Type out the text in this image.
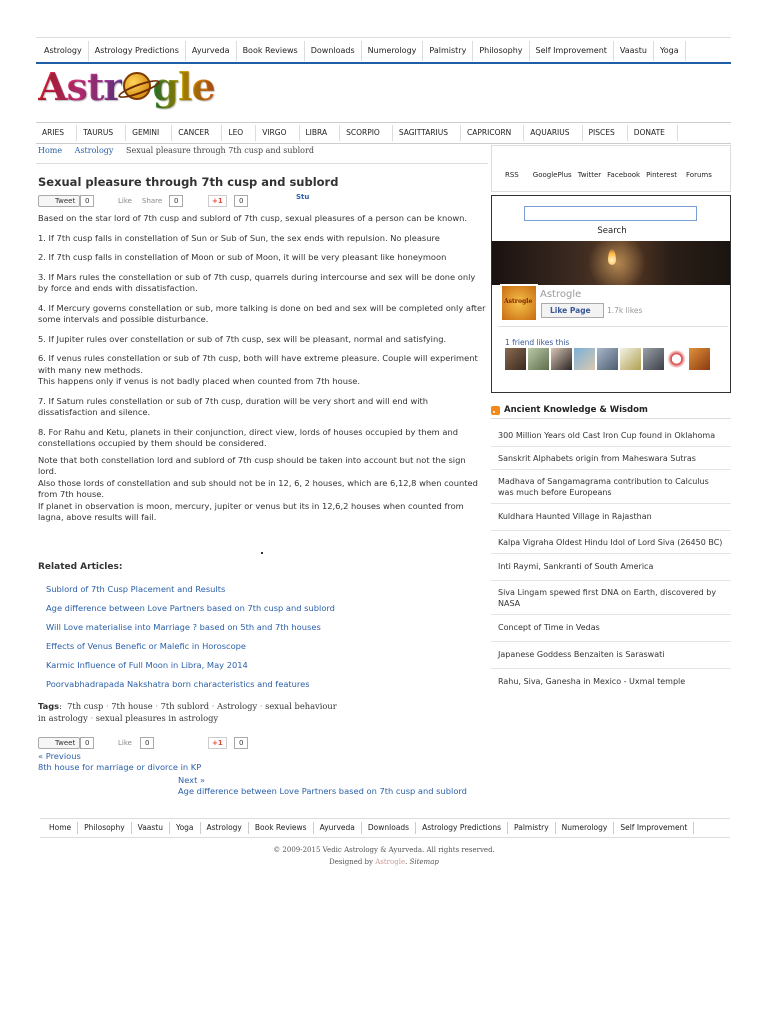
Astrology	Astrology Predictions	Ayurveda	Book Reviews	Downloads	Numerology	Palmistry	Philosophy	Self Improvement	Vaastu	Yoga
Astr gle
ARIES	TAURUS	GEMINI	CANCER	LEO	VIRGO	LIBRA	SCORPIO	SAGITTARIUS	CAPRICORN	AQUARIUS	PISCES	DONATE
Home Astrology Sexual pleasure through 7th cusp and sublord
Sexual pleasure through 7th cusp and sublord
Tweet	0	Like Share	0	+1	0	Stu

Based on the star lord of 7th cusp and sublord of 7th cusp, sexual pleasures of a person can be known.

1. If 7th cusp falls in constellation of Sun or Sub of Sun, the sex ends with repulsion. No pleasure

2. If 7th cusp falls in constellation of Moon or sub of Moon, it will be very pleasant like honeymoon

3. If Mars rules the constellation or sub of 7th cusp, quarrels during intercourse and sex will be done only by force and ends with dissatisfaction.

4. If Mercury governs constellation or sub, more talking is done on bed and sex will be completed only after some intervals and possible disturbance.

5. If Jupiter rules over constellation or sub of 7th cusp, sex will be pleasant, normal and satisfying.

6. If venus rules constellation or sub of 7th cusp, both will have extreme pleasure. Couple will experiment with many new methods.

This happens only if venus is not badly placed when counted from 7th house.

7. If Saturn rules constellation or sub of 7th cusp, duration will be very short and will end with dissatisfaction and silence.

8. For Rahu and Ketu, planets in their conjunction, direct view, lords of houses occupied by them and constellations occupied by them should be considered.

Note that both constellation lord and sublord of 7th cusp should be taken into account but not the sign lord.

Also those lords of constellation and sub should not be in 12, 6, 2 houses, which are 6,12,8 when counted from 7th house.

If planet in observation is moon, mercury, jupiter or venus but its in 12,6,2 houses when counted from lagna, above results will fail.

Related Articles:
Sublord of 7th Cusp Placement and Results
Age difference between Love Partners based on 7th cusp and sublord
Will Love materialise into Marriage ? based on 5th and 7th houses
Effects of Venus Benefic or Malefic in Horoscope
Karmic Influence of Full Moon in Libra, May 2014
Poorvabhadrapada Nakshatra born characteristics and features
Tags:  7th cusp · 7th house · 7th sublord · Astrology · sexual behaviour in astrology · sexual pleasures in astrology
Tweet	0	Like	0	+1	0
« Previous
8th house for marriage or divorce in KP
Next »
Age difference between Love Partners based on 7th cusp and sublord
RSS GooglePlus Twitter Facebook Pinterest Forums
Search
Astrogle
Astrogle
Like Page	1.7k likes
1 friend likes this
Ancient Knowledge & Wisdom
300 Million Years old Cast Iron Cup found in Oklahoma
Sanskrit Alphabets origin from Maheswara Sutras
Madhava of Sangamagrama contribution to Calculus was much before Europeans
Kuldhara Haunted Village in Rajasthan
Kalpa Vigraha Oldest Hindu Idol of Lord Siva (26450 BC)
Inti Raymi, Sankranti of South America
Siva Lingam spewed first DNA on Earth, discovered by NASA
Concept of Time in Vedas
Japanese Goddess Benzaiten is Saraswati
Rahu, Siva, Ganesha in Mexico - Uxmal temple
Home	Philosophy	Vaastu	Yoga	Astrology	Book Reviews	Ayurveda	Downloads	Astrology Predictions	Palmistry	Numerology	Self Improvement
© 2009-2015 Vedic Astrology & Ayurveda. All rights reserved.
Designed by Astrogle. Sitemap
